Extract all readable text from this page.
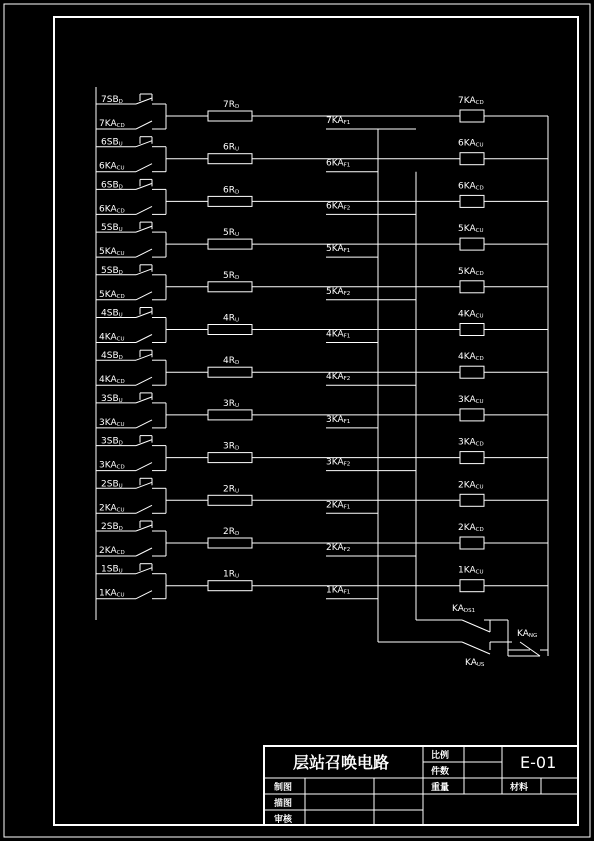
7SBD
7KACD
7RD
7KAF1
7KACD
6SBU
6KACU
6RU
6KAF1
6KACU
6SBD
6KACD
6RD
6KAF2
6KACD
5SBU
5KACU
5RU
5KAF1
5KACU
5SBD
5KACD
5RD
5KAF2
5KACD
4SBU
4KACU
4RU
4KAF1
4KACU
4SBD
4KACD
4RD
4KAF2
4KACD
3SBU
3KACU
3RU
3KAF1
3KACU
3SBD
3KACD
3RD
3KAF2
3KACD
2SBU
2KACU
2RU
2KAF1
2KACU
2SBD
2KACD
2RD
2KAF2
2KACD
1SBU
1KACU
1RU
1KAF1
1KACU
KADS1
KAUS
KANG
层站召唤电路	比例
件数
重量	材料
E-01
制图
描图
审核
